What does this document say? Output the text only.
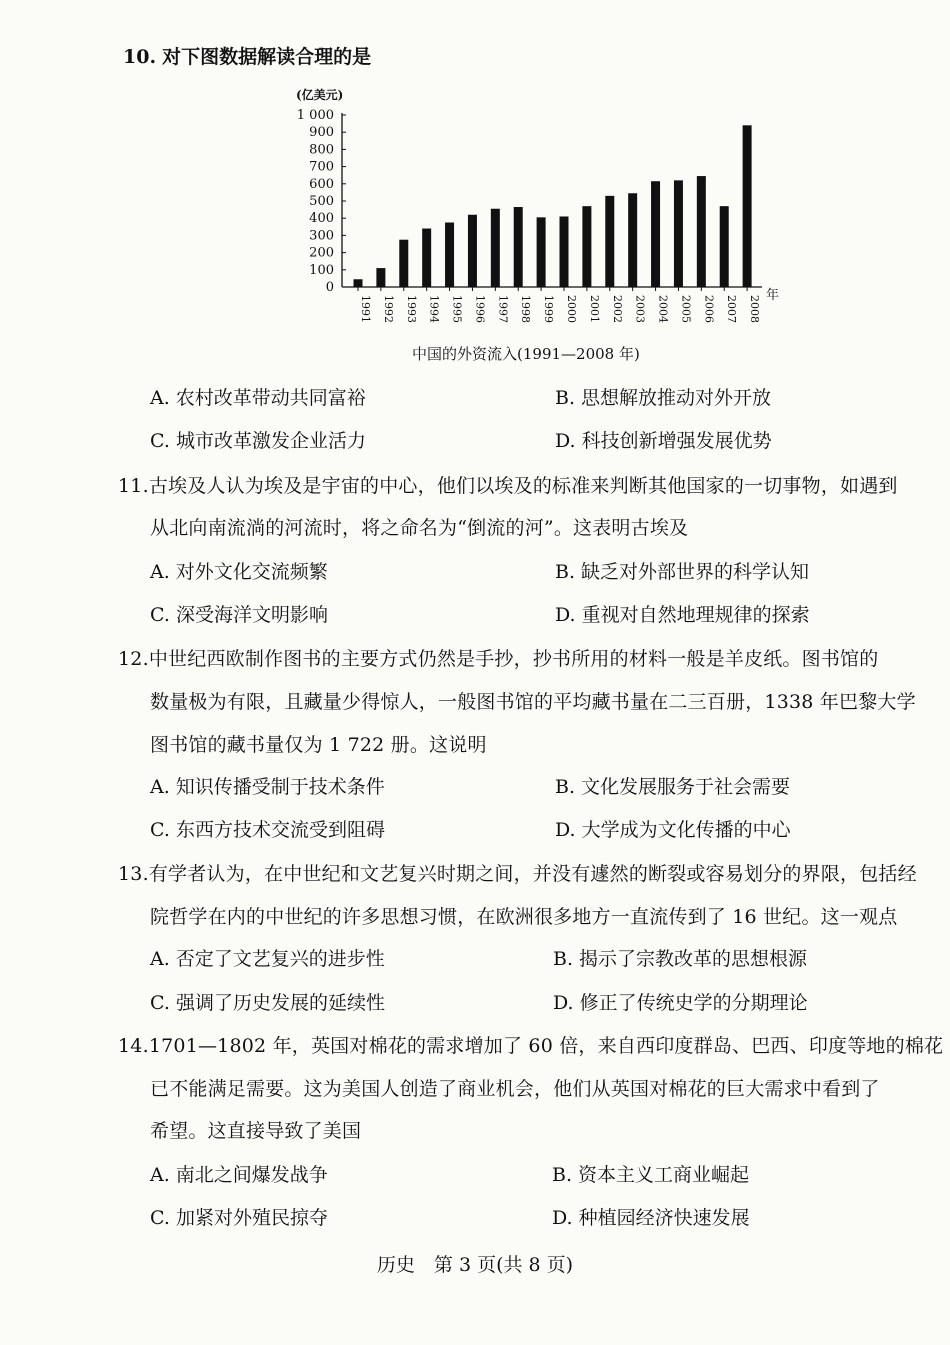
10. 对下图数据解读合理的是
(亿美元)
0
100
200
300
400
500
600
700
800
900
1 000
1991 1992 1993 1994 1995 1996 1997 1998 1999 2000 2001 2002 2003 2004 2005 2006 2007 2008 年
中国的外资流入(1991—2008 年)
A. 农村改革带动共同富裕	B. 思想解放推动对外开放
C. 城市改革激发企业活力	D. 科技创新增强发展优势
11.古埃及人认为埃及是宇宙的中心，他们以埃及的标准来判断其他国家的一切事物，如遇到
从北向南流淌的河流时，将之命名为“倒流的河”。这表明古埃及
A. 对外文化交流频繁	B. 缺乏对外部世界的科学认知
C. 深受海洋文明影响	D. 重视对自然地理规律的探索
12.中世纪西欧制作图书的主要方式仍然是手抄，抄书所用的材料一般是羊皮纸。图书馆的
数量极为有限，且藏量少得惊人，一般图书馆的平均藏书量在二三百册，1338 年巴黎大学
图书馆的藏书量仅为 1 722 册。这说明
A. 知识传播受制于技术条件	B. 文化发展服务于社会需要
C. 东西方技术交流受到阻碍	D. 大学成为文化传播的中心
13.有学者认为，在中世纪和文艺复兴时期之间，并没有遽然的断裂或容易划分的界限，包括经
院哲学在内的中世纪的许多思想习惯，在欧洲很多地方一直流传到了 16 世纪。这一观点
A. 否定了文艺复兴的进步性	B. 揭示了宗教改革的思想根源
C. 强调了历史发展的延续性	D. 修正了传统史学的分期理论
14.1701—1802 年，英国对棉花的需求增加了 60 倍，来自西印度群岛、巴西、印度等地的棉花
已不能满足需要。这为美国人创造了商业机会，他们从英国对棉花的巨大需求中看到了
希望。这直接导致了美国
A. 南北之间爆发战争	B. 资本主义工商业崛起
C. 加紧对外殖民掠夺	D. 种植园经济快速发展
历史　第 3 页(共 8 页)
